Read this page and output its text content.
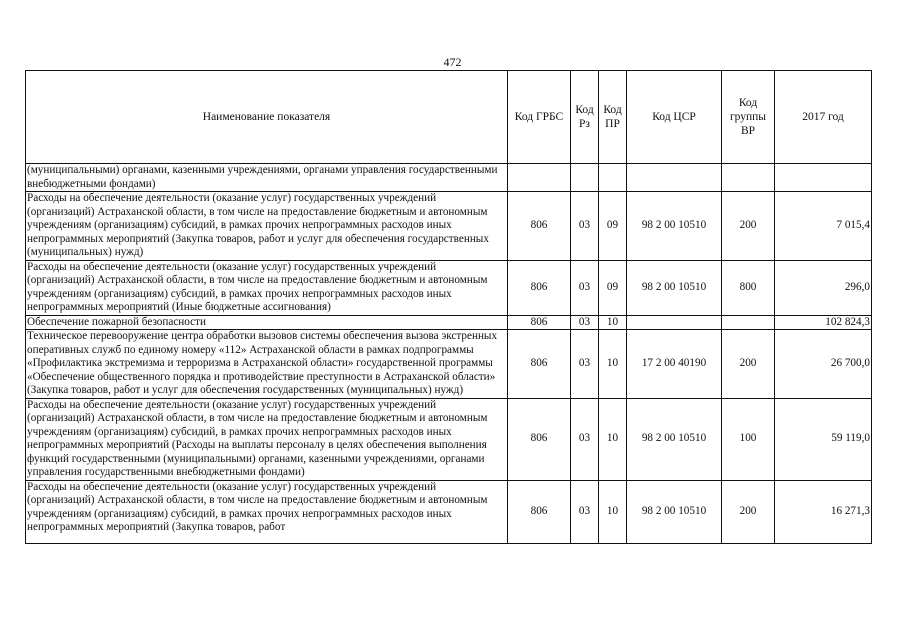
472
Наименование показателя	Код ГРБС	Код Рз	Код ПР	Код ЦСР	Код группы ВР	2017 год
(муниципальными) органами, казенными учреждениями, органами управления государственными внебюджетными фондами)						
Расходы на обеспечение деятельности (оказание услуг) государственных учреждений (организаций) Астраханской области, в том числе на предоставление бюджетным и автономным учреждениям (организациям) субсидий, в рамках прочих непрограммных расходов иных непрограммных мероприятий (Закупка товаров, работ и услуг для обеспечения государственных (муниципальных) нужд)	806	03	09	98 2 00 10510	200	7 015,4
Расходы на обеспечение деятельности (оказание услуг) государственных учреждений (организаций) Астраханской области, в том числе на предоставление бюджетным и автономным учреждениям (организациям) субсидий, в рамках прочих непрограммных расходов иных непрограммных мероприятий (Иные бюджетные ассигнования)	806	03	09	98 2 00 10510	800	296,0
Обеспечение пожарной безопасности	806	03	10			102 824,3
Техническое перевооружение центра обработки вызовов системы обеспечения вызова экстренных оперативных служб по единому номеру «112» Астраханской области в рамках подпрограммы «Профилактика экстремизма и терроризма в Астраханской области» государственной программы «Обеспечение общественного порядка и противодействие преступности в Астраханской области» (Закупка товаров, работ и услуг для обеспечения государственных (муниципальных) нужд)	806	03	10	17 2 00 40190	200	26 700,0
Расходы на обеспечение деятельности (оказание услуг) государственных учреждений (организаций) Астраханской области, в том числе на предоставление бюджетным и автономным учреждениям (организациям) субсидий, в рамках прочих непрограммных расходов иных непрограммных мероприятий (Расходы на выплаты персоналу в целях обеспечения выполнения функций государственными (муниципальными) органами, казенными учреждениями, органами управления государственными внебюджетными фондами)	806	03	10	98 2 00 10510	100	59 119,0
Расходы на обеспечение деятельности (оказание услуг) государственных учреждений (организаций) Астраханской области, в том числе на предоставление бюджетным и автономным учреждениям (организациям) субсидий, в рамках прочих непрограммных расходов иных непрограммных мероприятий (Закупка товаров, работ	806	03	10	98 2 00 10510	200	16 271,3
